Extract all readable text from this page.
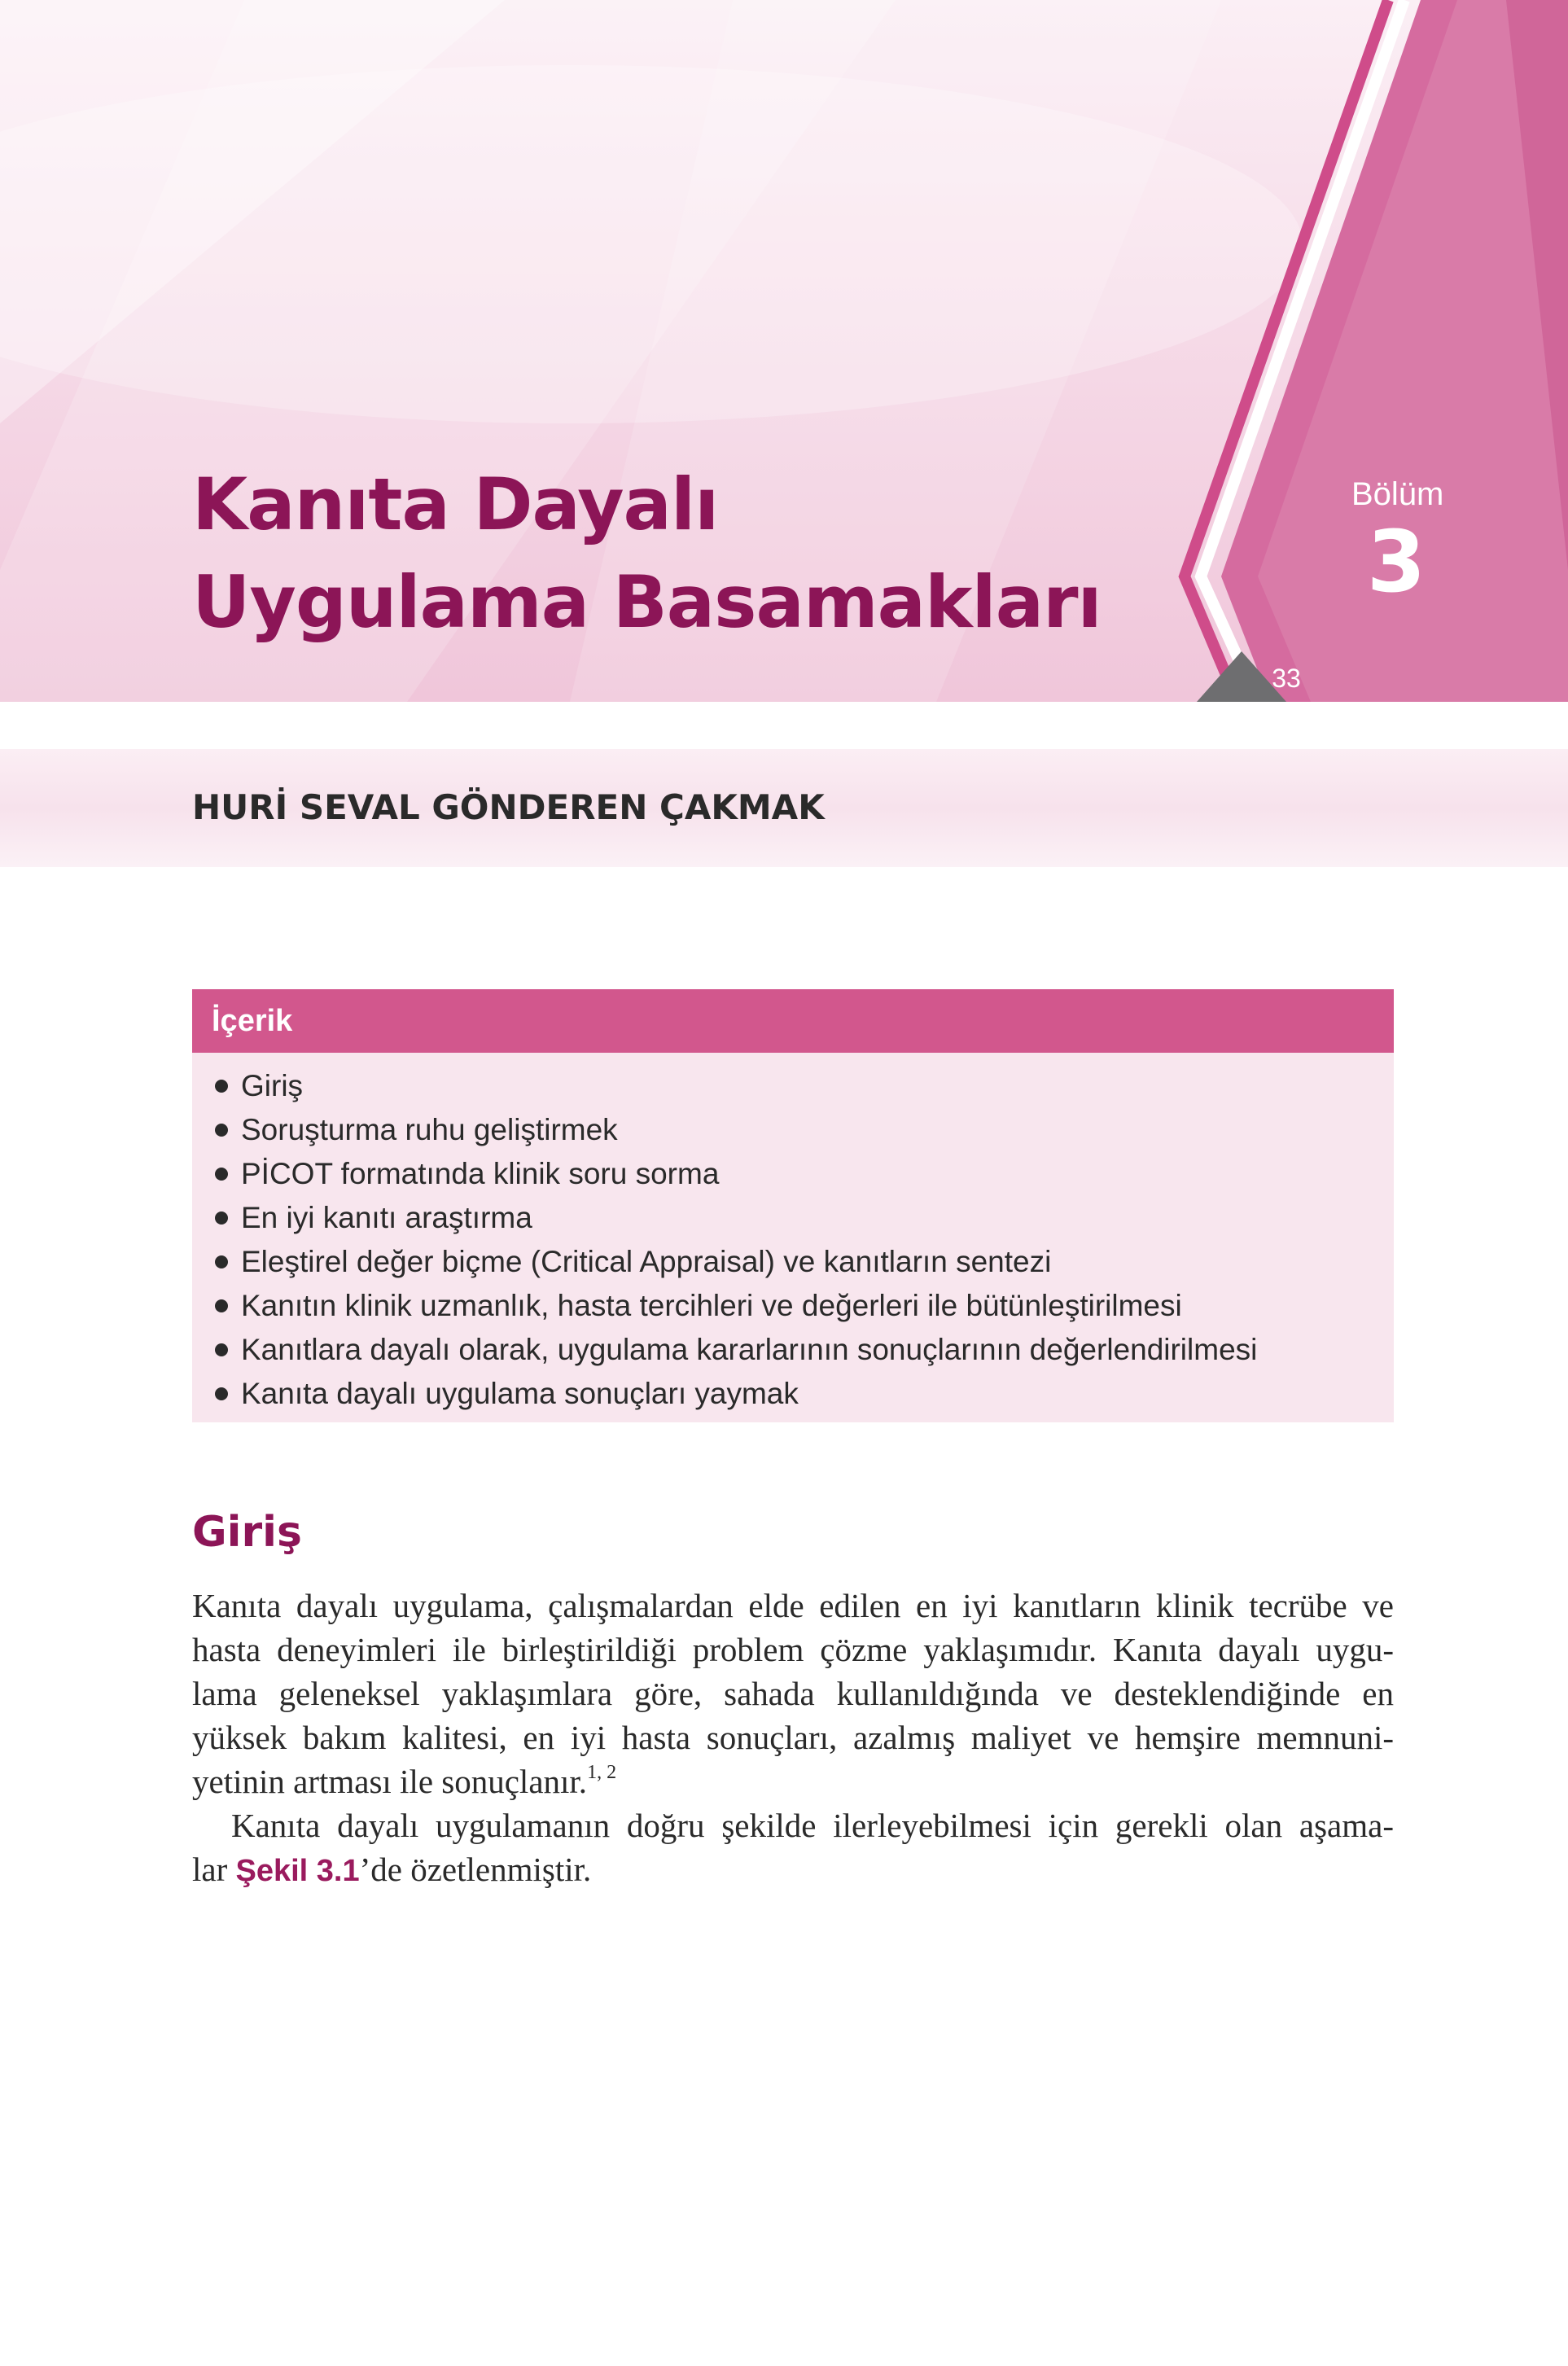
Kanıta Dayalı
Uygulama Basamakları
Bölüm
3
33
HURİ SEVAL GÖNDEREN ÇAKMAK
İçerik
Giriş
Soruşturma ruhu geliştirmek
PİCOT formatında klinik soru sorma
En iyi kanıtı araştırma
Eleştirel değer biçme (Critical Appraisal) ve kanıtların sentezi
Kanıtın klinik uzmanlık, hasta tercihleri ve değerleri ile bütünleştirilmesi
Kanıtlara dayalı olarak, uygulama kararlarının sonuçlarının değerlendirilmesi
Kanıta dayalı uygulama sonuçları yaymak
Giriş

Kanıta dayalı uygulama, çalışmalardan elde edilen en iyi kanıtların klinik tecrübe ve
hasta deneyimleri ile birleştirildiği problem çözme yaklaşımıdır. Kanıta dayalı uygu-
lama geleneksel yaklaşımlara göre, sahada kullanıldığında ve desteklendiğinde en
yüksek bakım kalitesi, en iyi hasta sonuçları, azalmış maliyet ve hemşire memnuni-
yetinin artması ile sonuçlanır.$^{1, 2}$

Kanıta dayalı uygulamanın doğru şekilde ilerleyebilmesi için gerekli olan aşama-
lar Şekil 3.1’de özetlenmiştir.
